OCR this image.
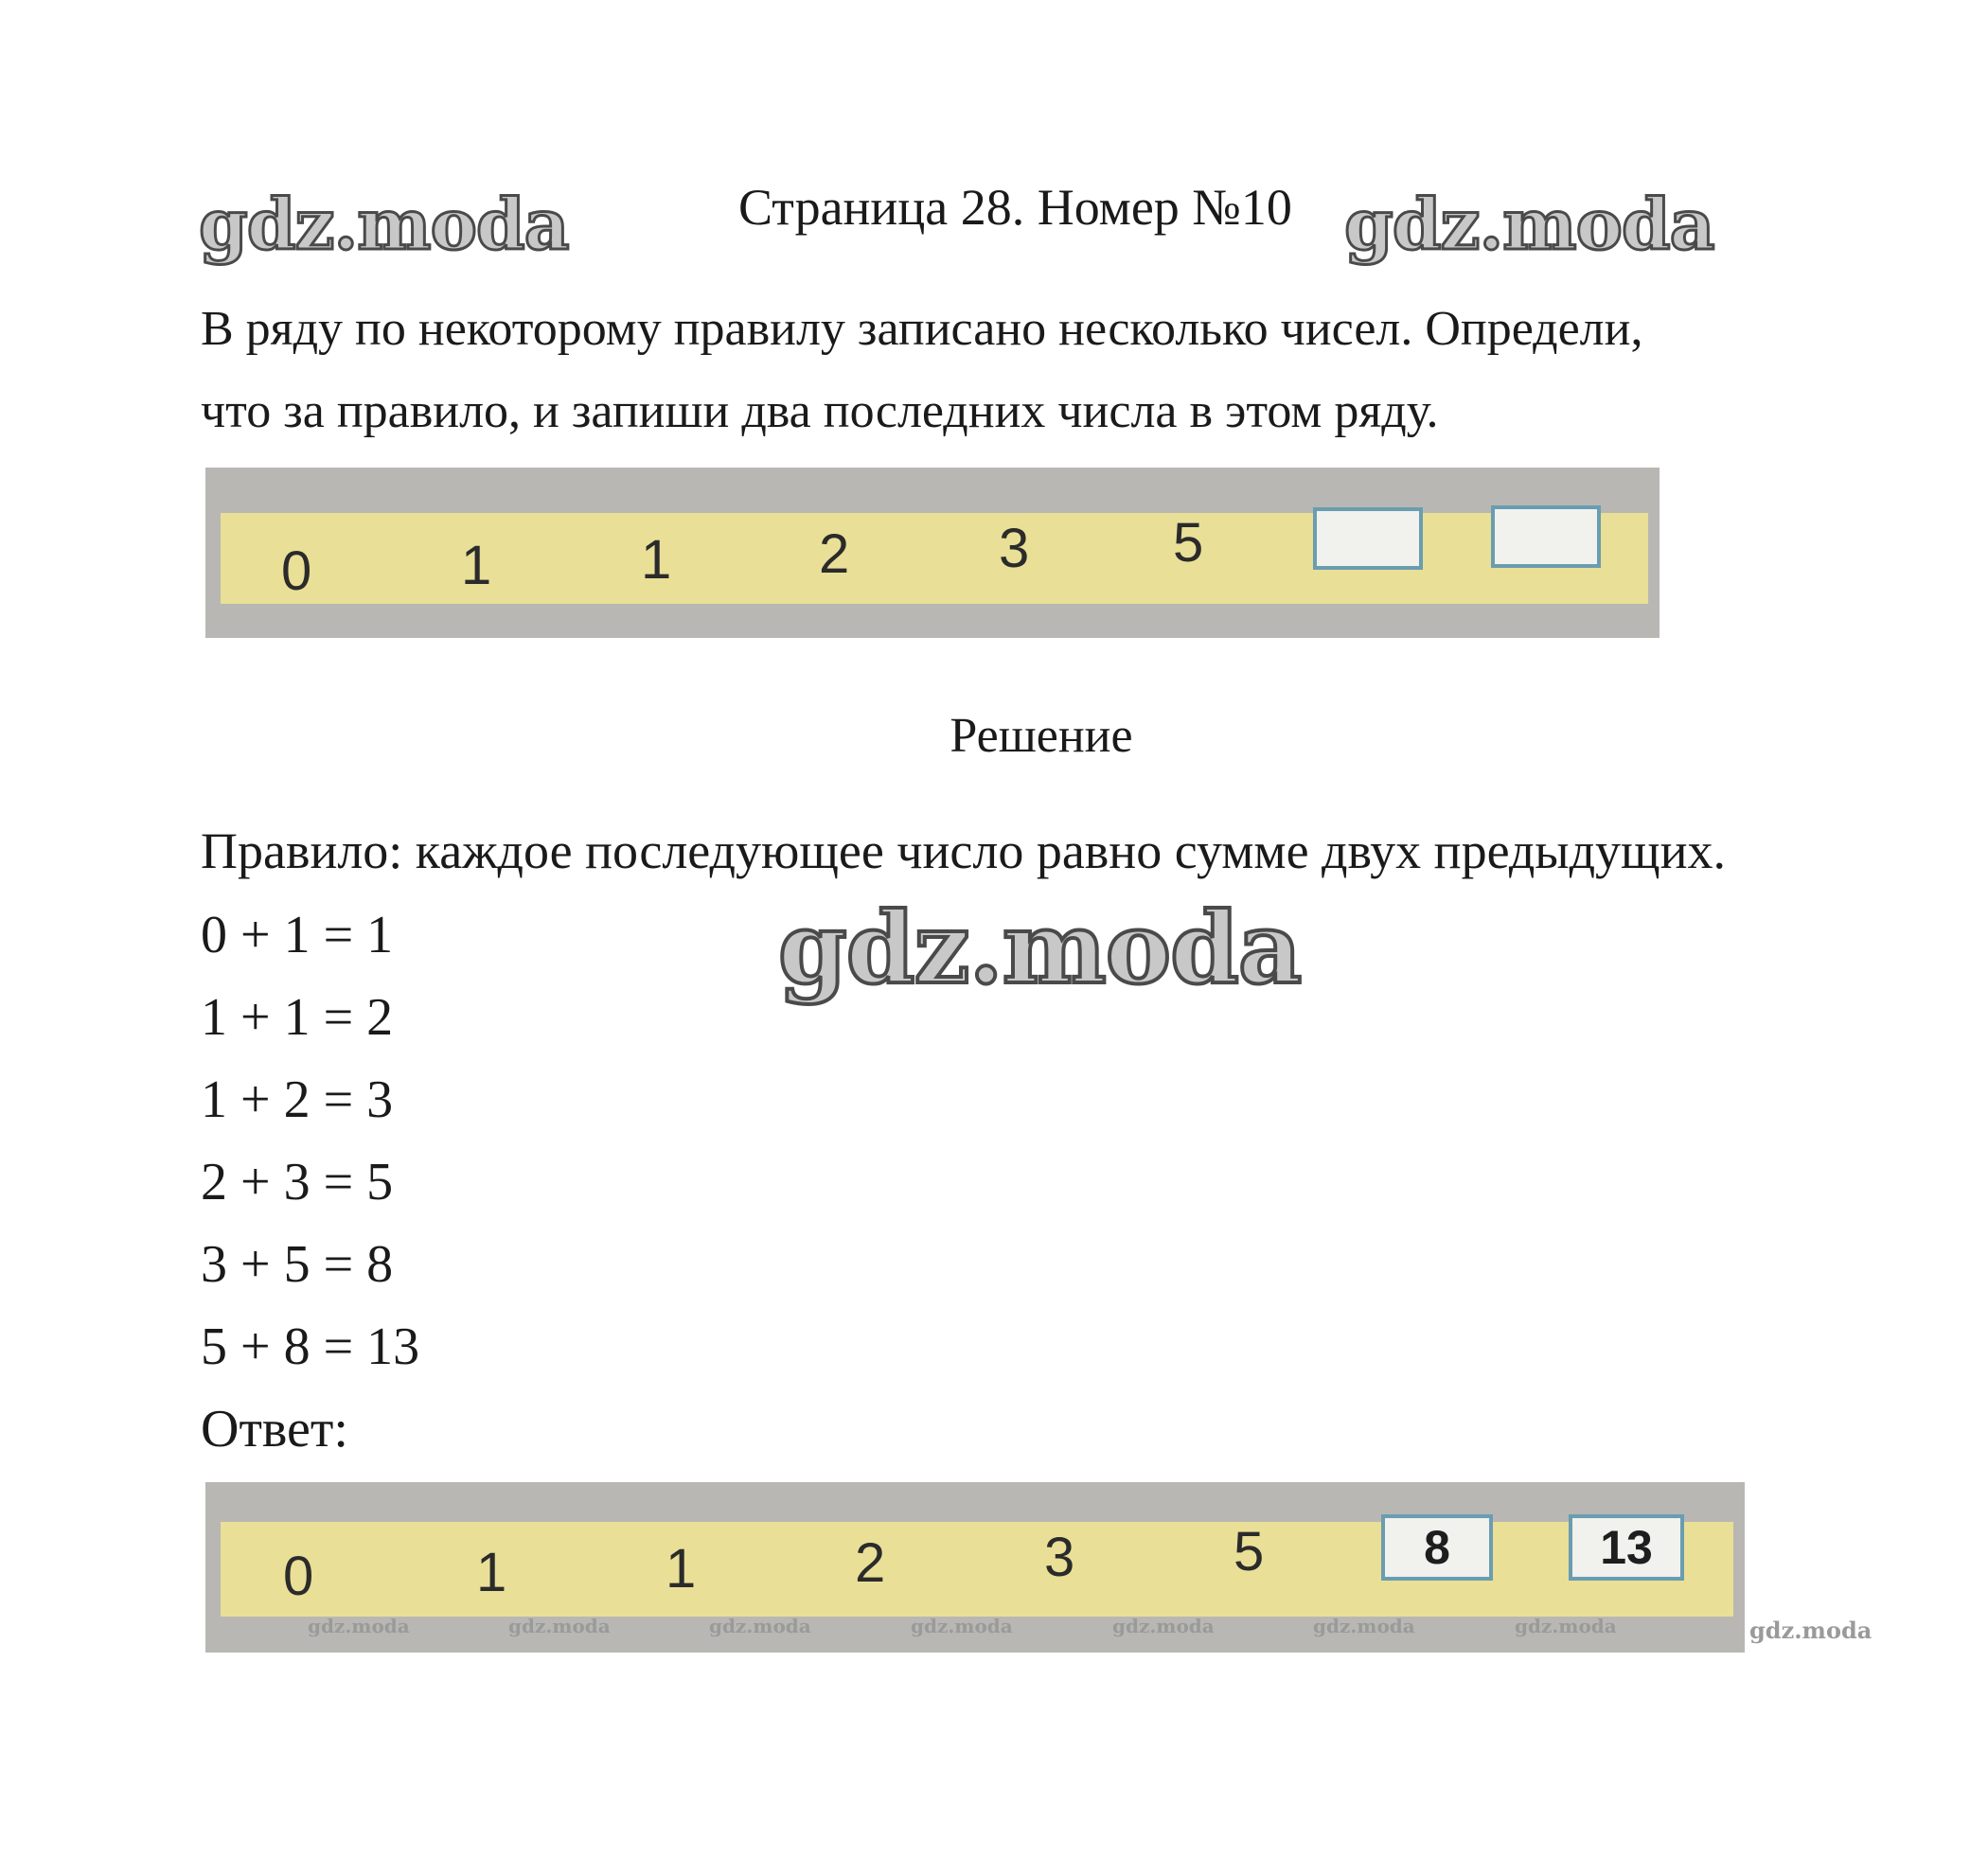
gdz.moda	gdz.moda
Страница 28. Номер №10
В ряду по некоторому правилу записано несколько чисел. Определи,
что за правило, и запиши два последних числа в этом ряду.
0	1	1	2	3	5
Решение
Правило: каждое последующее число равно сумме двух предыдущих.
gdz.moda
0 + 1 = 1
1 + 1 = 2
1 + 2 = 3
2 + 3 = 5
3 + 5 = 8
5 + 8 = 13
Ответ:
0	1	1	2	3	5	8	13
gdz.moda	gdz.moda	gdz.moda	gdz.moda	gdz.moda	gdz.moda	gdz.moda	gdz.moda
